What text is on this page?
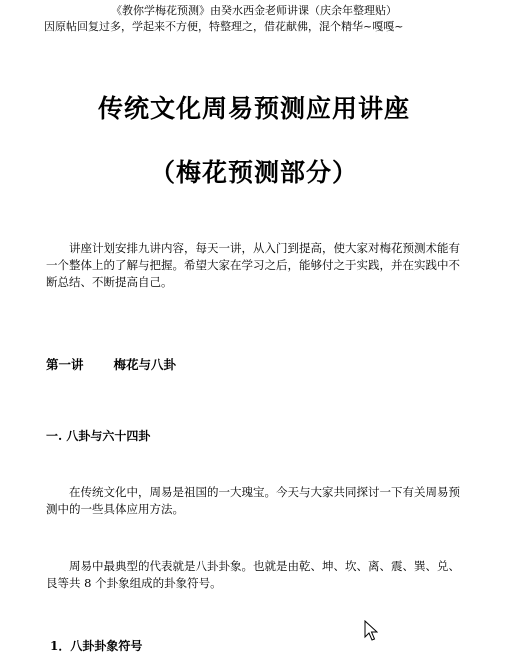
《教你学梅花预测》由癸水西金老师讲课（庆余年整理贴）
因原帖回复过多，学起来不方便，特整理之，借花献佛，混个精华~嘎嘎~
传统文化周易预测应用讲座
（梅花预测部分）
讲座计划安排九讲内容，每天一讲，从入门到提高，使大家对梅花预测术能有一个整体上的了解与把握。希望大家在学习之后，能够付之于实践，并在实践中不断总结、不断提高自己。
第一讲 梅花与八卦
一. 八卦与六十四卦
在传统文化中，周易是祖国的一大瑰宝。今天与大家共同探讨一下有关周易预测中的一些具体应用方法。
周易中最典型的代表就是八卦卦象。也就是由乾、坤、坎、离、震、巽、兑、艮等共 8 个卦象组成的卦象符号。
1．八卦卦象符号
